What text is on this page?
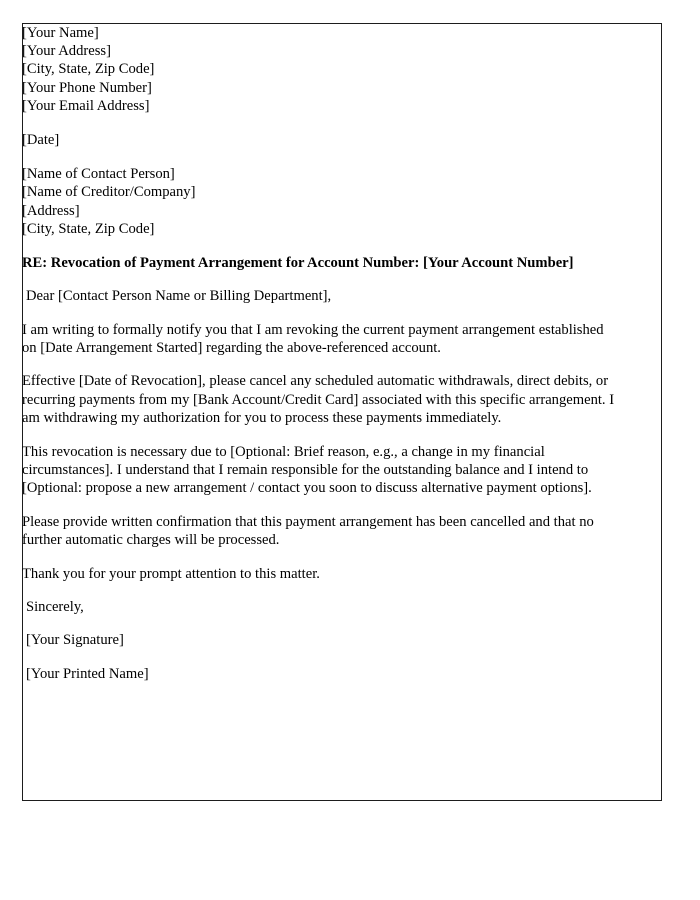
[Your Name]
[Your Address]
[City, State, Zip Code]
[Your Phone Number]
[Your Email Address]
[Date]
[Name of Contact Person]
[Name of Creditor/Company]
[Address]
[City, State, Zip Code]

RE: Revocation of Payment Arrangement for Account Number: [Your Account Number]

Dear [Contact Person Name or Billing Department],

I am writing to formally notify you that I am revoking the current payment arrangement established on [Date Arrangement Started] regarding the above-referenced account.

Effective [Date of Revocation], please cancel any scheduled automatic withdrawals, direct debits, or recurring payments from my [Bank Account/Credit Card] associated with this specific arrangement. I am withdrawing my authorization for you to process these payments immediately.

This revocation is necessary due to [Optional: Brief reason, e.g., a change in my financial circumstances]. I understand that I remain responsible for the outstanding balance and I intend to [Optional: propose a new arrangement / contact you soon to discuss alternative payment options].

Please provide written confirmation that this payment arrangement has been cancelled and that no further automatic charges will be processed.

Thank you for your prompt attention to this matter.

Sincerely,

[Your Signature]

[Your Printed Name]
